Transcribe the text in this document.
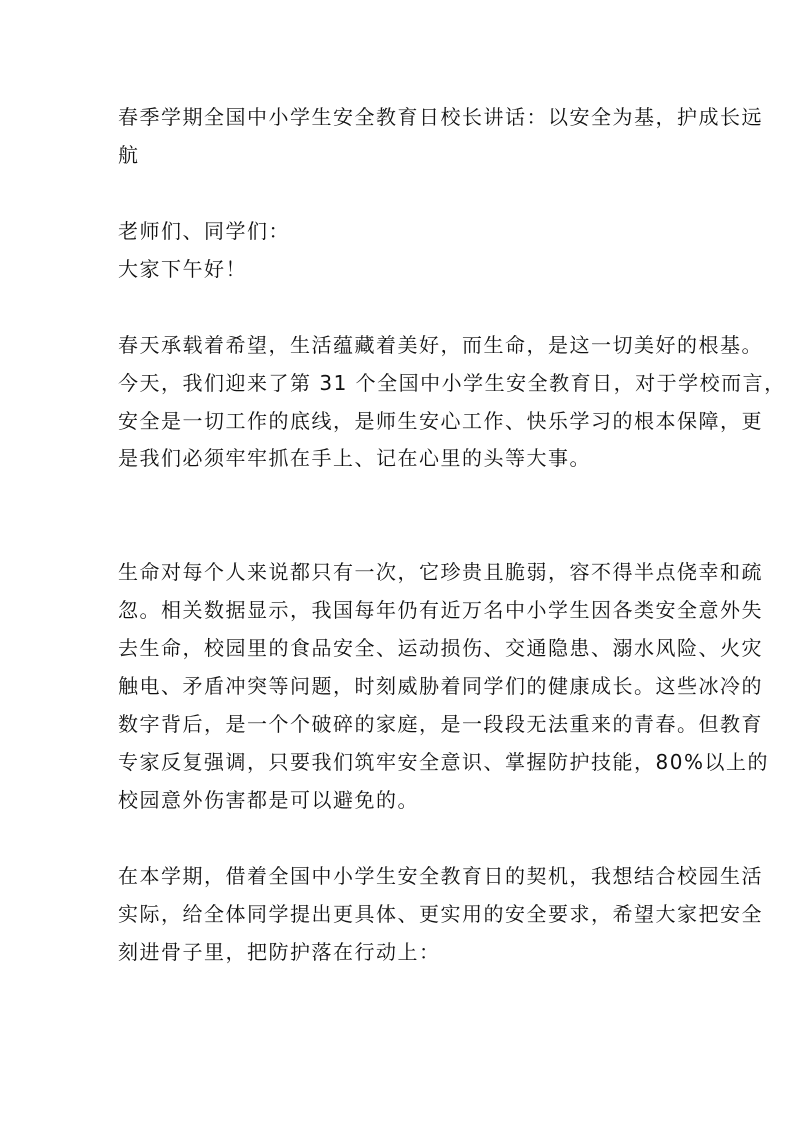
春季学期全国中小学生安全教育日校长讲话：以安全为基，护成长远
航
老师们、同学们：
大家下午好！
春天承载着希望，生活蕴藏着美好，而生命，是这一切美好的根基。
今天，我们迎来了第 31 个全国中小学生安全教育日，对于学校而言，
安全是一切工作的底线，是师生安心工作、快乐学习的根本保障，更
是我们必须牢牢抓在手上、记在心里的头等大事。
生命对每个人来说都只有一次，它珍贵且脆弱，容不得半点侥幸和疏
忽。相关数据显示，我国每年仍有近万名中小学生因各类安全意外失
去生命，校园里的食品安全、运动损伤、交通隐患、溺水风险、火灾
触电、矛盾冲突等问题，时刻威胁着同学们的健康成长。这些冰冷的
数字背后，是一个个破碎的家庭，是一段段无法重来的青春。但教育
专家反复强调，只要我们筑牢安全意识、掌握防护技能，80%以上的
校园意外伤害都是可以避免的。
在本学期，借着全国中小学生安全教育日的契机，我想结合校园生活
实际，给全体同学提出更具体、更实用的安全要求，希望大家把安全
刻进骨子里，把防护落在行动上：
